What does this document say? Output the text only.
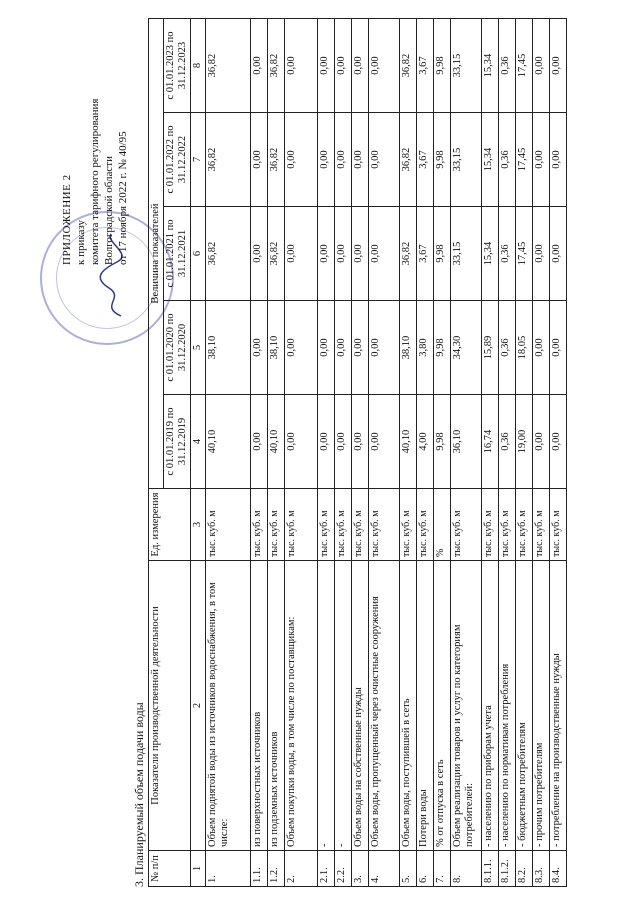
ПРИЛОЖЕНИЕ 2 к приказу комитета тарифного регулирования Волгоградской области от 17 ноября 2022 г. № 40/95
3. Планируемый объем подачи воды № п/п	Показатели производственной деятельности	Ед. измерения	Величина показателей				
			с 01.01.2019 по 31.12.2019	с 01.01.2020 по 31.12.2020	с 01.01.2021 по 31.12.2021	с 01.01.2022 по 31.12.2022	с 01.01.2023 по 31.12.2023
1	2	3	4	5	6	7	8
1.	Объем поднятой воды из источников водоснабжения, в том числе:	тыс. куб. м	40,10	38,10	36,82	36,82	36,82
1.1.	из поверхностных источников	тыс. куб. м	0,00	0,00	0,00	0,00	0,00
1.2.	из подземных источников	тыс. куб. м	40,10	38,10	36,82	36,82	36,82
2.	Объем покупки воды, в том числе по поставщикам:	тыс. куб. м	0,00	0,00	0,00	0,00	0,00
2.1.	-	тыс. куб. м	0,00	0,00	0,00	0,00	0,00
2.2.	-	тыс. куб. м	0,00	0,00	0,00	0,00	0,00
3.	Объем воды на собственные нужды	тыс. куб. м	0,00	0,00	0,00	0,00	0,00
4.	Объем воды, пропущенный через очистные сооружения	тыс. куб. м	0,00	0,00	0,00	0,00	0,00
5.	Объем воды, поступившей в сеть	тыс. куб. м	40,10	38,10	36,82	36,82	36,82
6.	Потери воды	тыс. куб. м	4,00	3,80	3,67	3,67	3,67
7.	% от отпуска в сеть	%	9,98	9,98	9,98	9,98	9,98
8.	Объем реализации товаров и услуг по категориям потребителей:	тыс. куб. м	36,10	34,30	33,15	33,15	33,15
8.1.1.	- населению по приборам учета	тыс. куб. м	16,74	15,89	15,34	15,34	15,34
8.1.2.	- населению по нормативам потребления	тыс. куб. м	0,36	0,36	0,36	0,36	0,36
8.2.	- бюджетным потребителям	тыс. куб. м	19,00	18,05	17,45	17,45	17,45
8.3.	- прочим потребителям	тыс. куб. м	0,00	0,00	0,00	0,00	0,00
8.4.	- потребление на производственные нужды	тыс. куб. м	0,00	0,00	0,00	0,00	0,00
